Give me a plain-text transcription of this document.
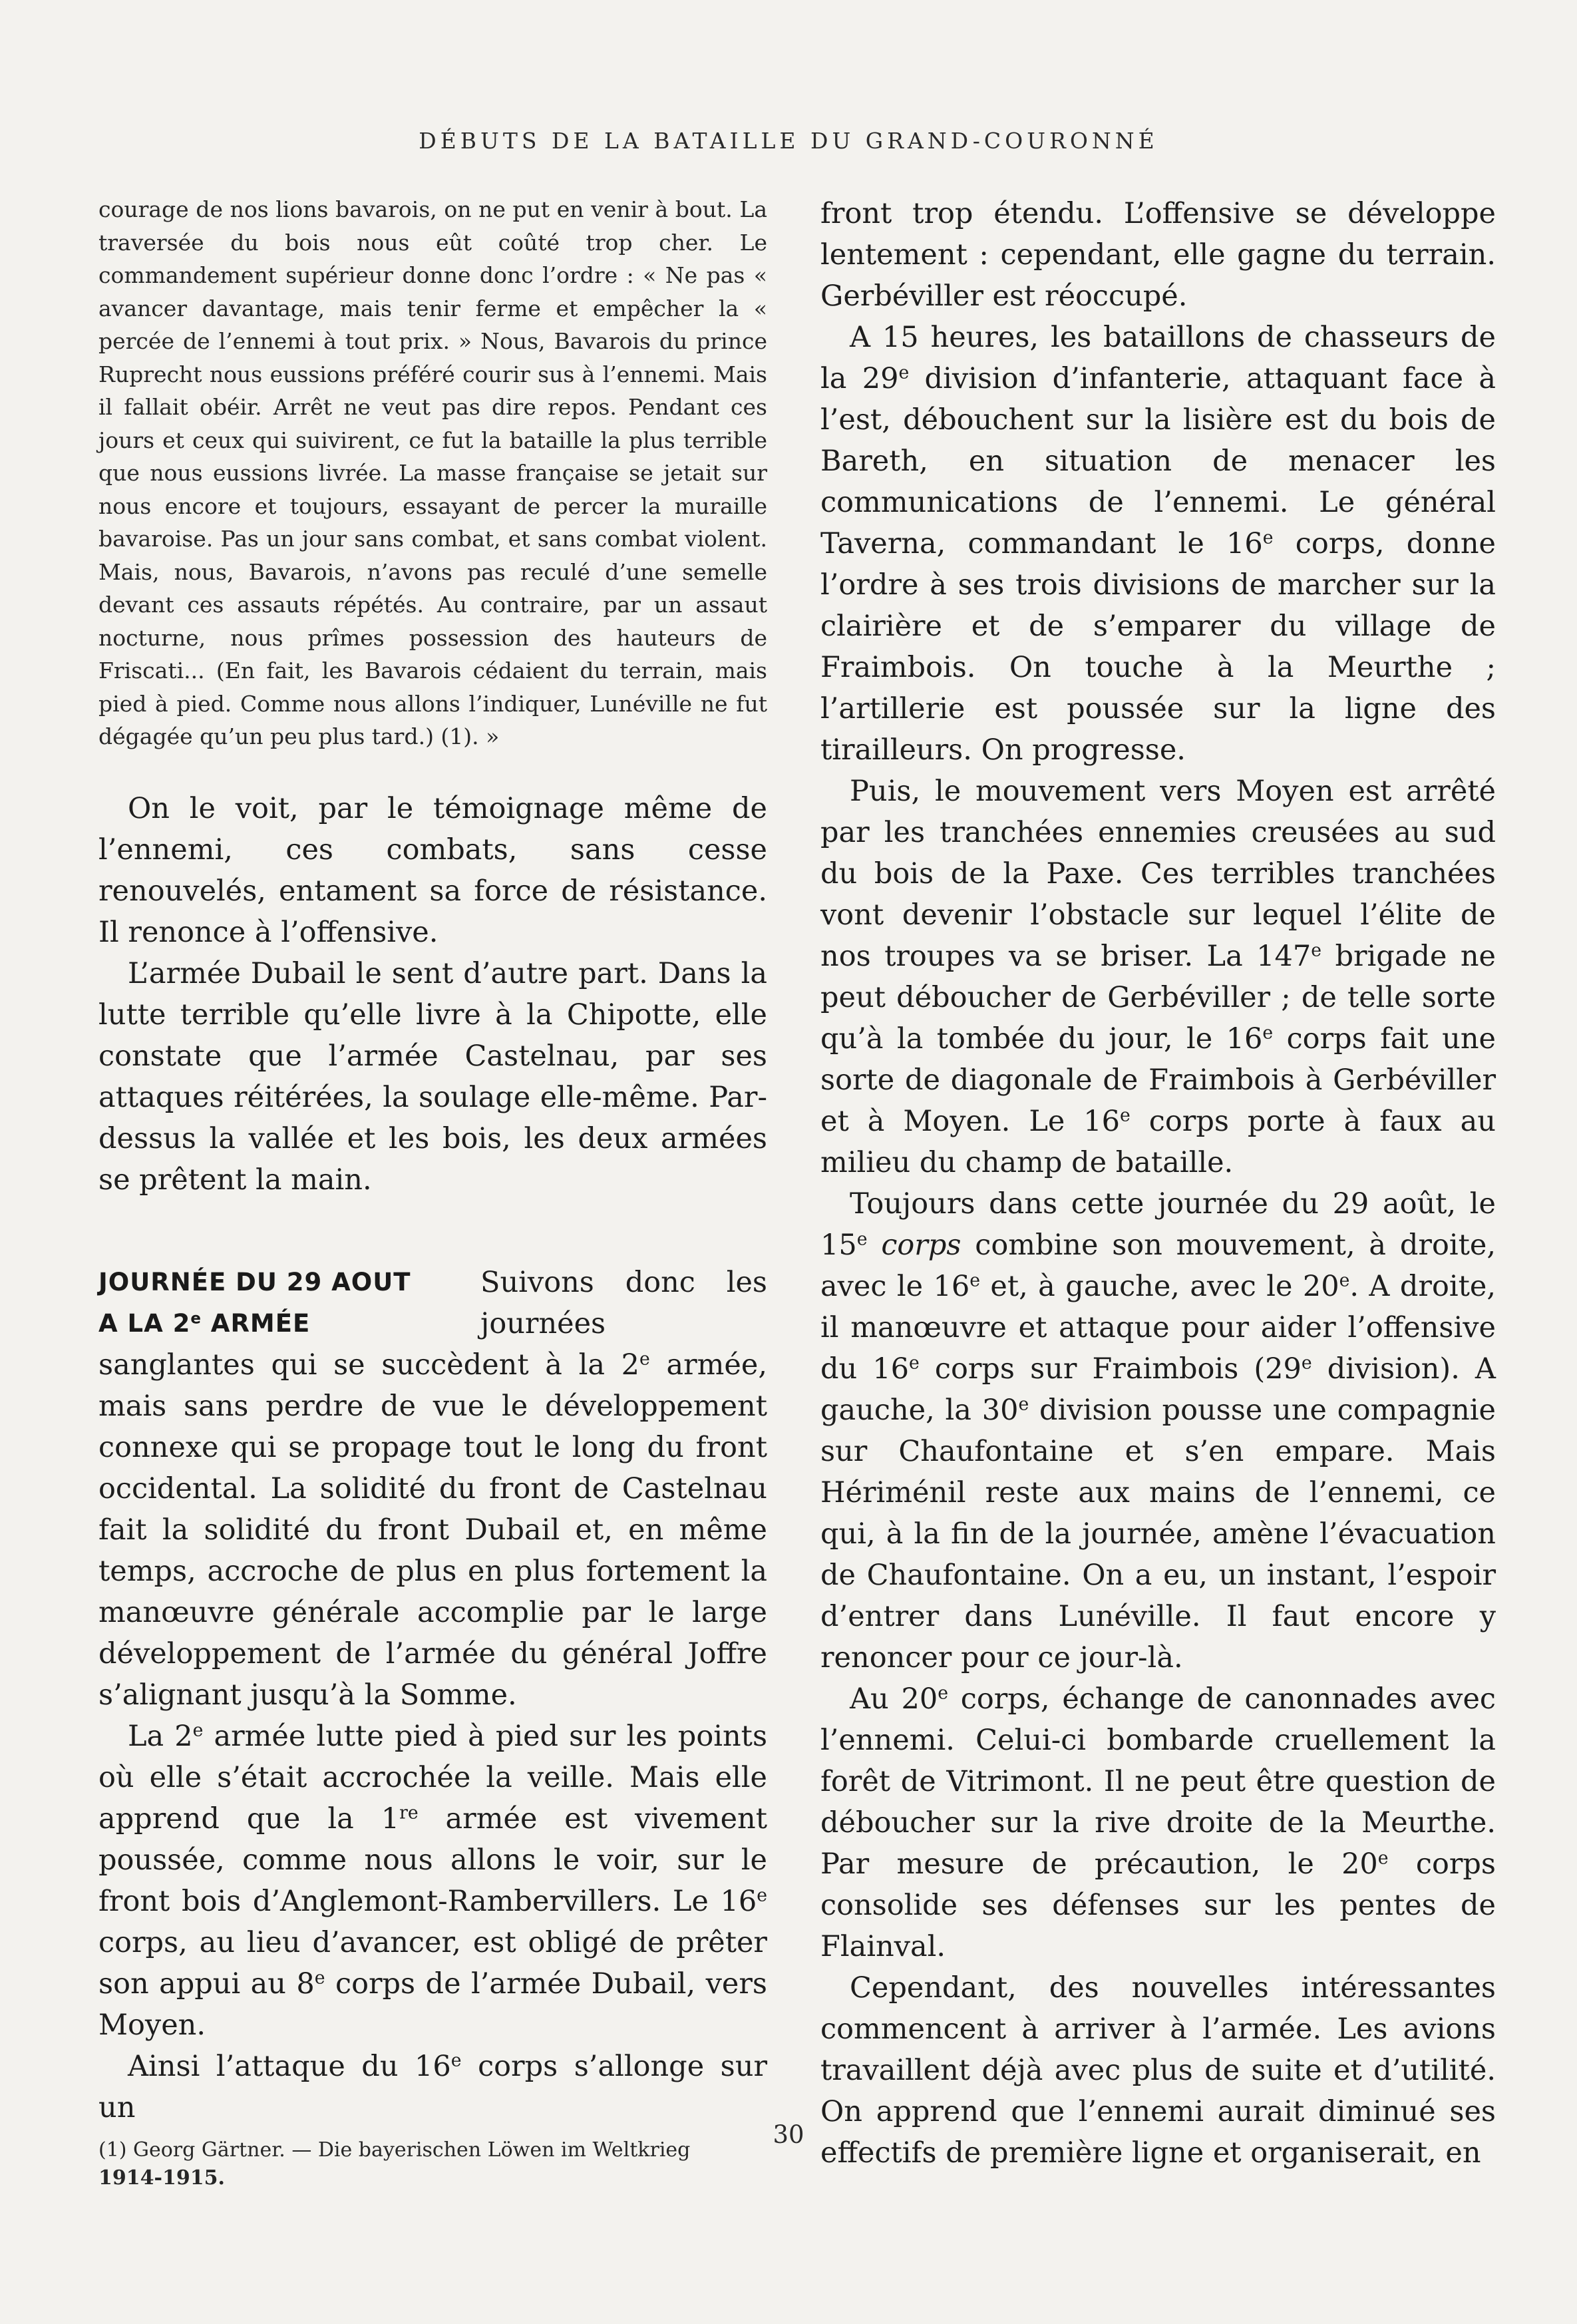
DÉBUTS DE LA BATAILLE DU GRAND-COURONNÉ

courage de nos lions bavarois, on ne put en venir à bout. La traversée du bois nous eût coûté trop cher. Le commandement supérieur donne donc l’ordre : « Ne pas « avancer davantage, mais tenir ferme et empêcher la « percée de l’ennemi à tout prix. » Nous, Bavarois du prince Ruprecht nous eussions préféré courir sus à l’ennemi. Mais il fallait obéir. Arrêt ne veut pas dire repos. Pendant ces jours et ceux qui suivirent, ce fut la bataille la plus terrible que nous eussions livrée. La masse française se jetait sur nous encore et toujours, essayant de percer la muraille bavaroise. Pas un jour sans combat, et sans combat violent. Mais, nous, Bavarois, n’avons pas reculé d’une semelle devant ces assauts répétés. Au contraire, par un assaut nocturne, nous prîmes possession des hauteurs de Friscati... (En fait, les Bavarois cédaient du terrain, mais pied à pied. Comme nous allons l’indiquer, Lunéville ne fut dégagée qu’un peu plus tard.) (1). »

On le voit, par le témoignage même de l’ennemi, ces combats, sans cesse renouvelés, entament sa force de résistance. Il renonce à l’offensive.

L’armée Dubail le sent d’autre part. Dans la lutte terrible qu’elle livre à la Chipotte, elle constate que l’armée Castelnau, par ses attaques réitérées, la soulage elle-même. Par-dessus la vallée et les bois, les deux armées se prêtent la main.

JOURNÉE DU 29 AOUT
A LA 2e ARMÉE

Suivons donc les journées sanglantes qui se succèdent à la 2e armée, mais sans perdre de vue le développement connexe qui se propage tout le long du front occidental. La solidité du front de Castelnau fait la solidité du front Dubail et, en même temps, accroche de plus en plus fortement la manœuvre générale accomplie par le large développement de l’armée du général Joffre s’alignant jusqu’à la Somme.

La 2e armée lutte pied à pied sur les points où elle s’était accrochée la veille. Mais elle apprend que la 1re armée est vivement poussée, comme nous allons le voir, sur le front bois d’Anglemont-Rambervillers. Le 16e corps, au lieu d’avancer, est obligé de prêter son appui au 8e corps de l’armée Dubail, vers Moyen.

Ainsi l’attaque du 16e corps s’allonge sur un

(1) Georg Gärtner. — Die bayerischen Löwen im Weltkrieg
1914-1915.

front trop étendu. L’offensive se développe lentement : cependant, elle gagne du terrain. Gerbéviller est réoccupé.

A 15 heures, les bataillons de chasseurs de la 29e division d’infanterie, attaquant face à l’est, débouchent sur la lisière est du bois de Bareth, en situation de menacer les communications de l’ennemi. Le général Taverna, commandant le 16e corps, donne l’ordre à ses trois divisions de marcher sur la clairière et de s’emparer du village de Fraimbois. On touche à la Meurthe ; l’artillerie est poussée sur la ligne des tirailleurs. On progresse.

Puis, le mouvement vers Moyen est arrêté par les tranchées ennemies creusées au sud du bois de la Paxe. Ces terribles tranchées vont devenir l’obstacle sur lequel l’élite de nos troupes va se briser. La 147e brigade ne peut déboucher de Gerbéviller ; de telle sorte qu’à la tombée du jour, le 16e corps fait une sorte de diagonale de Fraimbois à Gerbéviller et à Moyen. Le 16e corps porte à faux au milieu du champ de bataille.

Toujours dans cette journée du 29 août, le 15e corps combine son mouvement, à droite, avec le 16e et, à gauche, avec le 20e. A droite, il manœuvre et attaque pour aider l’offensive du 16e corps sur Fraimbois (29e division). A gauche, la 30e division pousse une compagnie sur Chaufontaine et s’en empare. Mais Hériménil reste aux mains de l’ennemi, ce qui, à la fin de la journée, amène l’évacuation de Chaufontaine. On a eu, un instant, l’espoir d’entrer dans Lunéville. Il faut encore y renoncer pour ce jour-là.

Au 20e corps, échange de canonnades avec l’ennemi. Celui-ci bombarde cruellement la forêt de Vitrimont. Il ne peut être question de déboucher sur la rive droite de la Meurthe. Par mesure de précaution, le 20e corps consolide ses défenses sur les pentes de Flainval.

Cependant, des nouvelles intéressantes commencent à arriver à l’armée. Les avions travaillent déjà avec plus de suite et d’utilité. On apprend que l’ennemi aurait diminué ses effectifs de première ligne et organiserait, en

30
